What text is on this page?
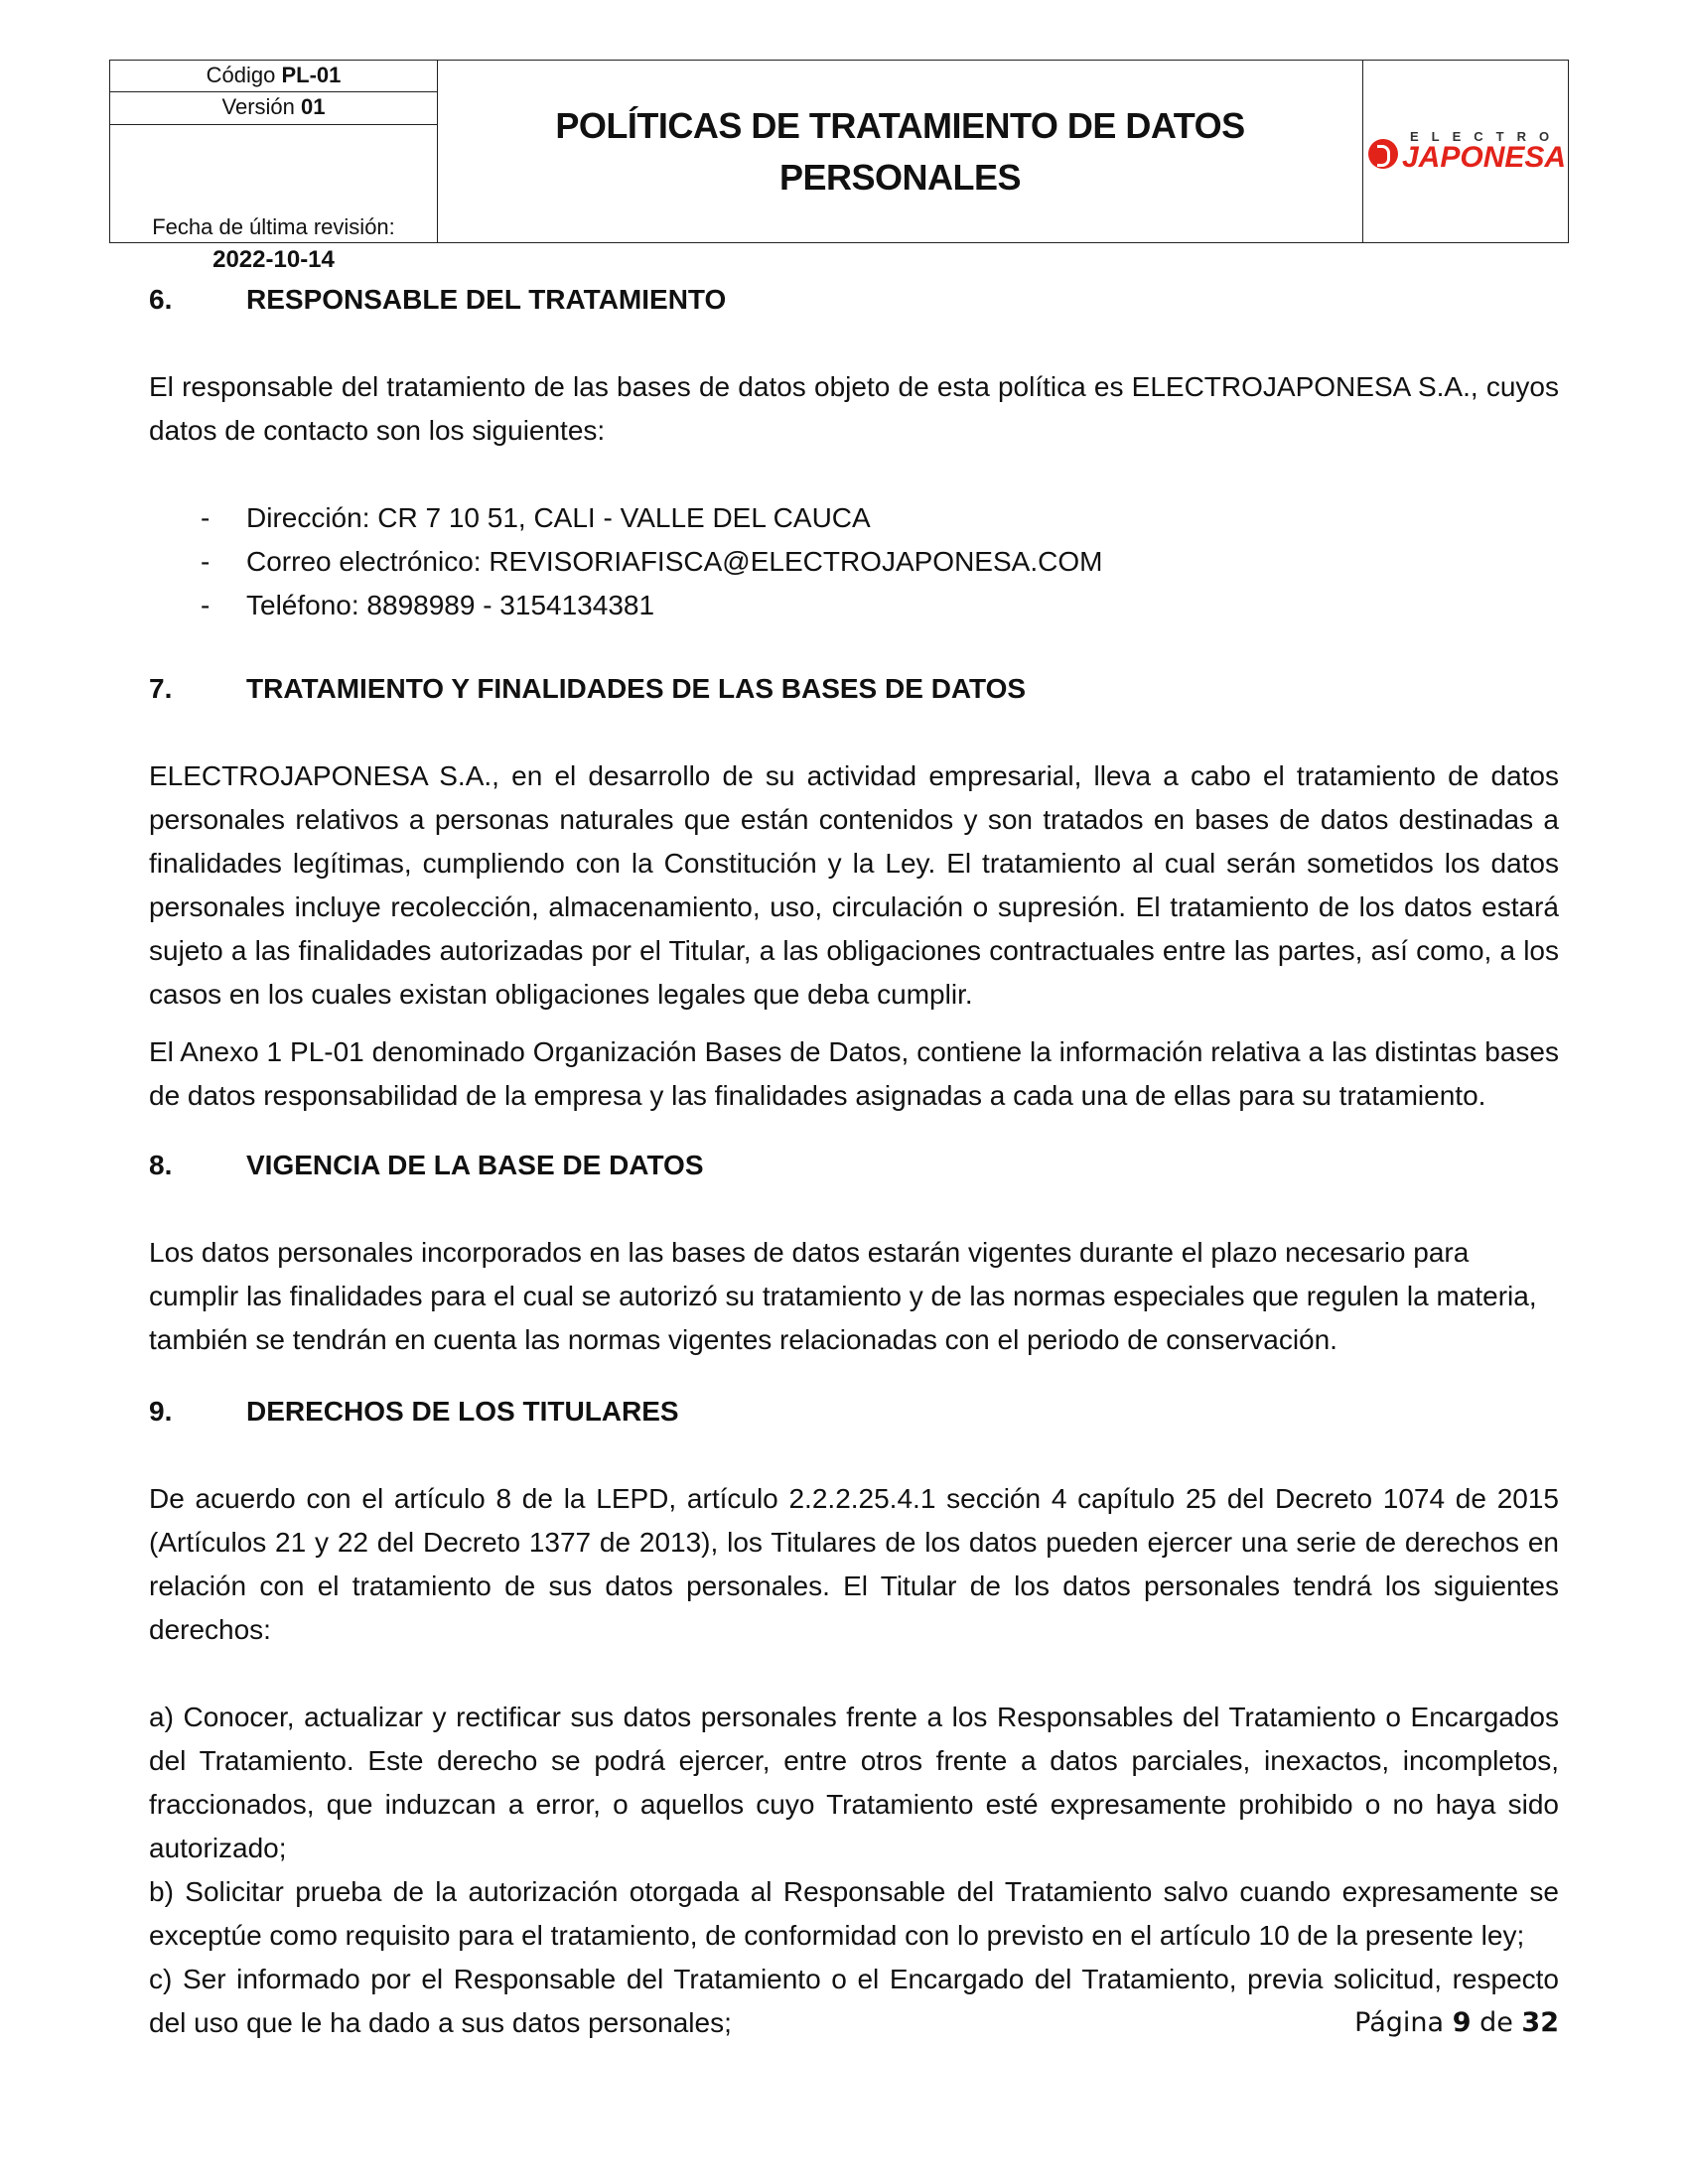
Código PL-01
Versión 01
Fecha de última revisión:
2022-10-14
POLÍTICAS DE TRATAMIENTO DE DATOS
PERSONALES
ELECTRO
JAPONESA
6.	RESPONSABLE DEL TRATAMIENTO

El responsable del tratamiento de las bases de datos objeto de esta política es ELECTROJAPONESA S.A., cuyos datos de contacto son los siguientes:

- Dirección: CR 7 10 51, CALI - VALLE DEL CAUCA
- Correo electrónico: REVISORIAFISCA@ELECTROJAPONESA.COM
- Teléfono: 8898989 - 3154134381
7.	TRATAMIENTO Y FINALIDADES DE LAS BASES DE DATOS

ELECTROJAPONESA S.A., en el desarrollo de su actividad empresarial, lleva a cabo el tratamiento de datos personales relativos a personas naturales que están contenidos y son tratados en bases de datos destinadas a finalidades legítimas, cumpliendo con la Constitución y la Ley. El tratamiento al cual serán sometidos los datos personales incluye recolección, almacenamiento, uso, circulación o supresión. El tratamiento de los datos estará sujeto a las finalidades autorizadas por el Titular, a las obligaciones contractuales entre las partes, así como, a los casos en los cuales existan obligaciones legales que deba cumplir.

El Anexo 1 PL-01 denominado Organización Bases de Datos, contiene la información relativa a las distintas bases de datos responsabilidad de la empresa y las finalidades asignadas a cada una de ellas para su tratamiento.

8.	VIGENCIA DE LA BASE DE DATOS

Los datos personales incorporados en las bases de datos estarán vigentes durante el plazo necesario para cumplir las finalidades para el cual se autorizó su tratamiento y de las normas especiales que regulen la materia, también se tendrán en cuenta las normas vigentes relacionadas con el periodo de conservación.

9.	DERECHOS DE LOS TITULARES

De acuerdo con el artículo 8 de la LEPD, artículo 2.2.2.25.4.1 sección 4 capítulo 25 del Decreto 1074 de 2015 (Artículos 21 y 22 del Decreto 1377 de 2013), los Titulares de los datos pueden ejercer una serie de derechos en relación con el tratamiento de sus datos personales. El Titular de los datos personales tendrá los siguientes derechos:

a) Conocer, actualizar y rectificar sus datos personales frente a los Responsables del Tratamiento o Encargados del Tratamiento. Este derecho se podrá ejercer, entre otros frente a datos parciales, inexactos, incompletos, fraccionados, que induzcan a error, o aquellos cuyo Tratamiento esté expresamente prohibido o no haya sido autorizado;

b) Solicitar prueba de la autorización otorgada al Responsable del Tratamiento salvo cuando expresamente se exceptúe como requisito para el tratamiento, de conformidad con lo previsto en el artículo 10 de la presente ley;

c) Ser informado por el Responsable del Tratamiento o el Encargado del Tratamiento, previa solicitud, respecto del uso que le ha dado a sus datos personales;	Página 9 de 32
